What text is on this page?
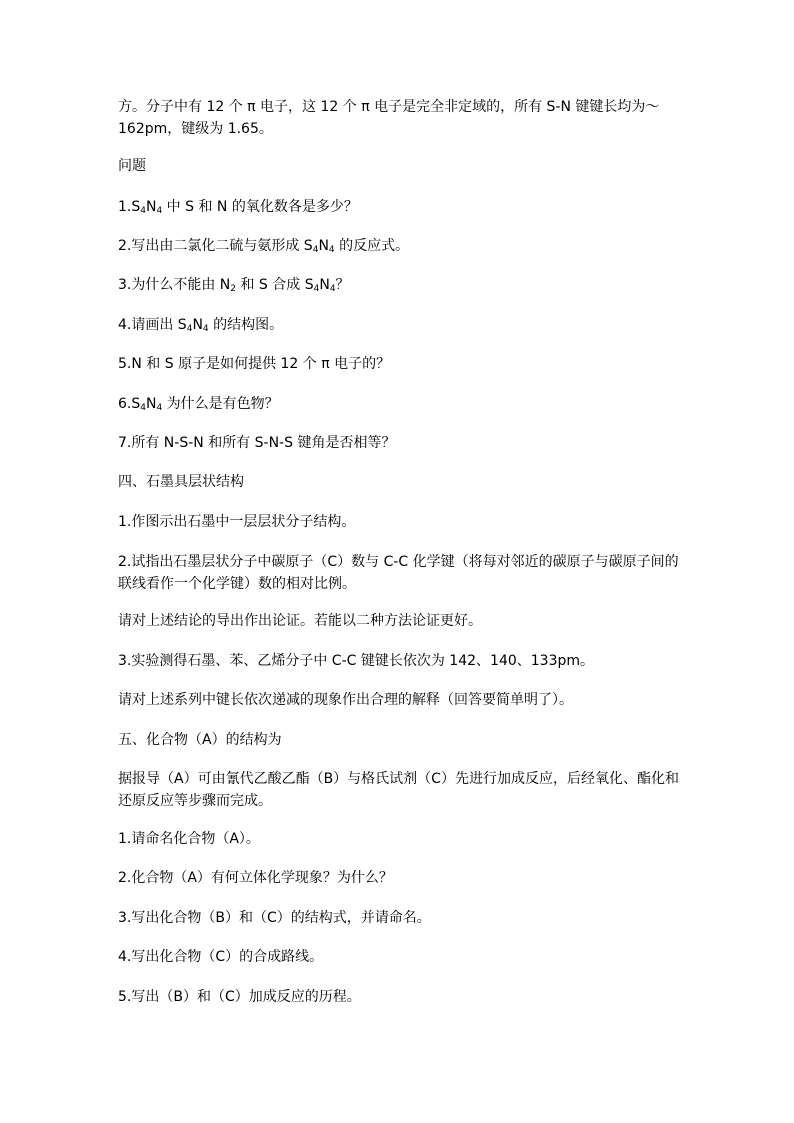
方。分子中有 12 个 π 电子，这 12 个 π 电子是完全非定域的，所有 S-N 键键长均为～162pm，键级为 1.65。

问题

$1.S_4N_4$ 中 S 和 N 的氧化数各是多少？

2.写出由二氯化二硫与氨形成 $S_4N_4$ 的反应式。

3.为什么不能由 $N_2$ 和 S 合成 $S_4N_4$？

4.请画出 $S_4N_4$ 的结构图。

5.N 和 S 原子是如何提供 12 个 π 电子的？

$6.S_4N_4$ 为什么是有色物？

7.所有 N-S-N 和所有 S-N-S 键角是否相等？

四、石墨具层状结构

1.作图示出石墨中一层层状分子结构。

2.试指出石墨层状分子中碳原子（C）数与 C-C 化学键（将每对邻近的碳原子与碳原子间的联线看作一个化学键）数的相对比例。

请对上述结论的导出作出论证。若能以二种方法论证更好。

3.实验测得石墨、苯、乙烯分子中 C-C 键键长依次为 142、140、133pm。

请对上述系列中键长依次递减的现象作出合理的解释（回答要简单明了）。

五、化合物（A）的结构为

据报导（A）可由氰代乙酸乙酯（B）与格氏试剂（C）先进行加成反应，后经氧化、酯化和还原反应等步骤而完成。

1.请命名化合物（A）。

2.化合物（A）有何立体化学现象？为什么？

3.写出化合物（B）和（C）的结构式，并请命名。

4.写出化合物（C）的合成路线。

5.写出（B）和（C）加成反应的历程。
